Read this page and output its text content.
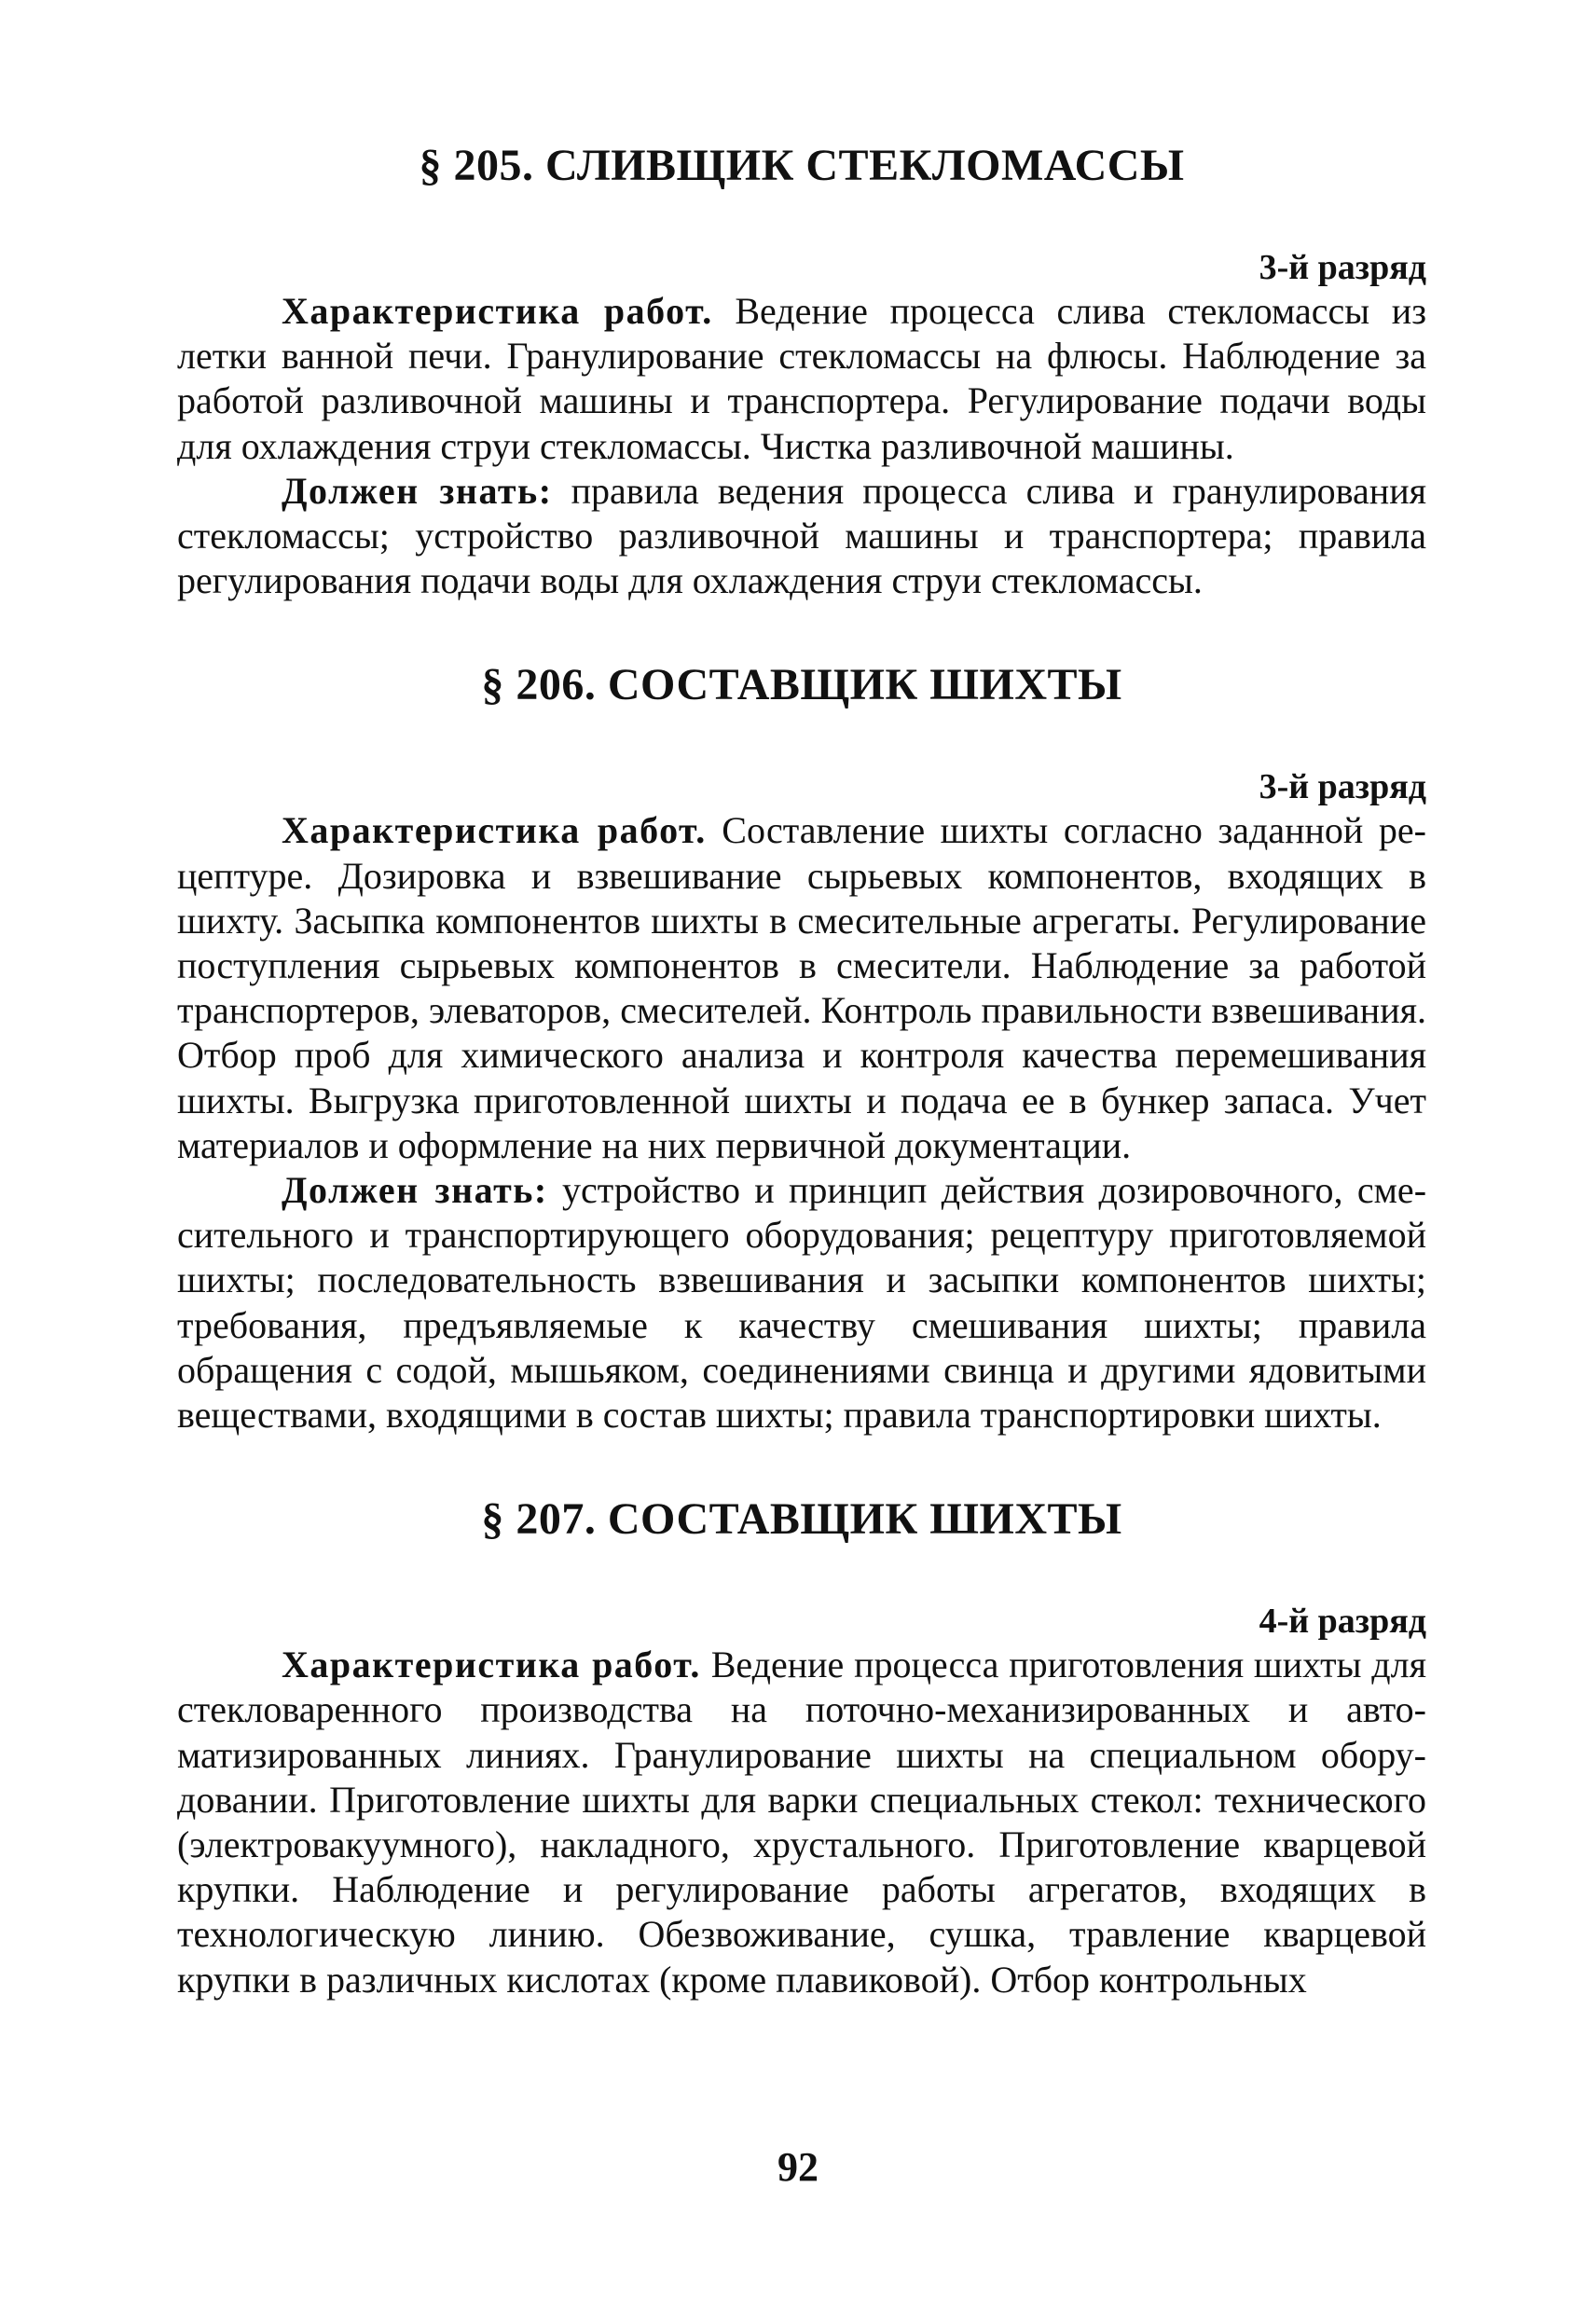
§ 205. СЛИВЩИК СТЕКЛОМАССЫ

3-й разряд

Характеристика работ. Ведение процесса слива стекломассы из летки ванной печи. Гранулирование стекломассы на флюсы. Наблюдение за работой разливочной машины и транспортера. Регулирование подачи воды для охлаждения струи стекломассы. Чистка разливочной машины.

Должен знать: правила ведения процесса слива и гранулирования стекломассы; устройство разливочной машины и транспортера; правила регулирования подачи воды для охлаждения струи стекломассы.

§ 206. СОСТАВЩИК ШИХТЫ

3-й разряд

Характеристика работ. Составление шихты согласно заданной рецептуре. Дозировка и взвешивание сырьевых компонентов, входящих в шихту. Засыпка компонентов шихты в смесительные агрегаты. Регулирование поступления сырьевых компонентов в смесители. Наблюдение за работой транспортеров, элеваторов, смесителей. Контроль правильности взвешивания. Отбор проб для химического анализа и контроля качества перемешивания шихты. Выгрузка приготовленной шихты и подача ее в бункер запаса. Учет материалов и оформление на них первичной документации.

Должен знать: устройство и принцип действия дозировочного, смесительного и транспортирующего оборудования; рецептуру приготовляемой шихты; последовательность взвешивания и засыпки компонентов шихты; требования, предъявляемые к качеству смешивания шихты; правила обращения с содой, мышьяком, соединениями свинца и другими ядовитыми веществами, входящими в состав шихты; правила транспортировки шихты.

§ 207. СОСТАВЩИК ШИХТЫ

4-й разряд

Характеристика работ. Ведение процесса приготовления шихты для стекловаренного производства на поточно-механизированных и автоматизированных линиях. Гранулирование шихты на специальном оборудовании. Приготовление шихты для варки специальных стекол: технического (электровакуумного), накладного, хрустального. Приготовление кварцевой крупки. Наблюдение и регулирование работы агрегатов, входящих в технологическую линию. Обезвоживание, сушка, травление кварцевой крупки в различных кислотах (кроме плавиковой). Отбор контрольных

92
